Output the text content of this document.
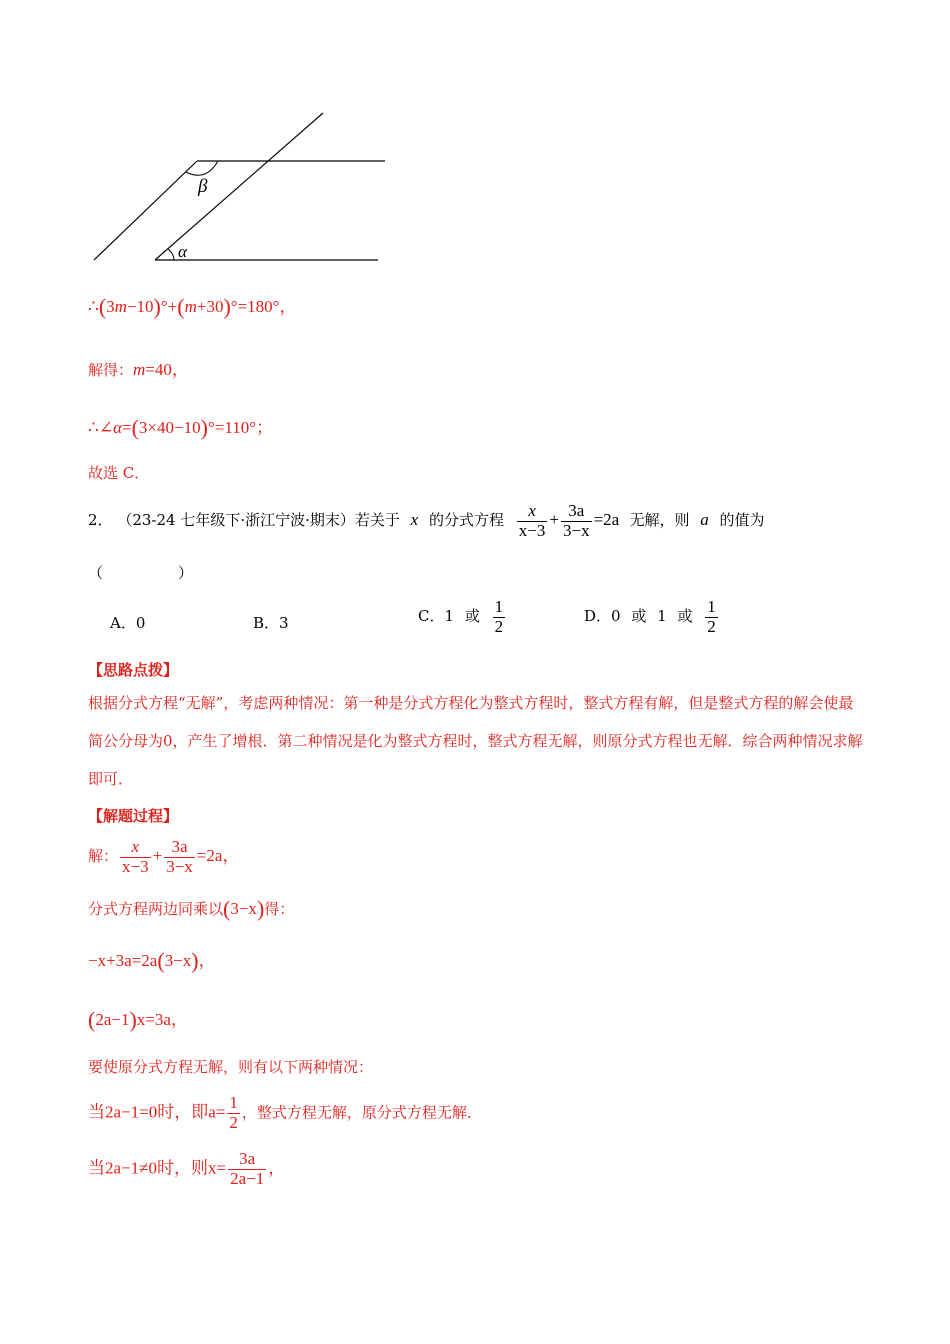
β
α
∴(3m−10)°+(m+30)°=180°，
解得：m=40，
∴∠α=(3×40−10)°=110°；
故选 C．
2． （23-24 七年级下·浙江宁波·期末）若关于 x 的分式方程 $\frac{x}{x-3} + \frac{3a}{3-x} =2a$ 无解，则 a 的值为
（　　　　　）
A．0	B．3	C．1 或 $\frac{1}{2}$	D．0 或 1 或 $\frac{1}{2}$
【思路点拨】
根据分式方程“无解”，考虑两种情况：第一种是分式方程化为整式方程时，整式方程有解，但是整式方程的解会使最简公分母为0，产生了增根．第二种情况是化为整式方程时，整式方程无解，则原分式方程也无解．综合两种情况求解即可．
【解题过程】
解： $\frac{x}{x-3} + \frac{3a}{3-x} =2a$，
分式方程两边同乘以(3−x)得：
−x+3a=2a(3−x)，
(2a−1)x=3a，
要使原分式方程无解，则有以下两种情况：
当2a−1=0时，即$a= \frac{1}{2}$ ，整式方程无解，原分式方程无解．
当2a−1≠0时，则$x= \frac{3a}{2a-1}$ ，
